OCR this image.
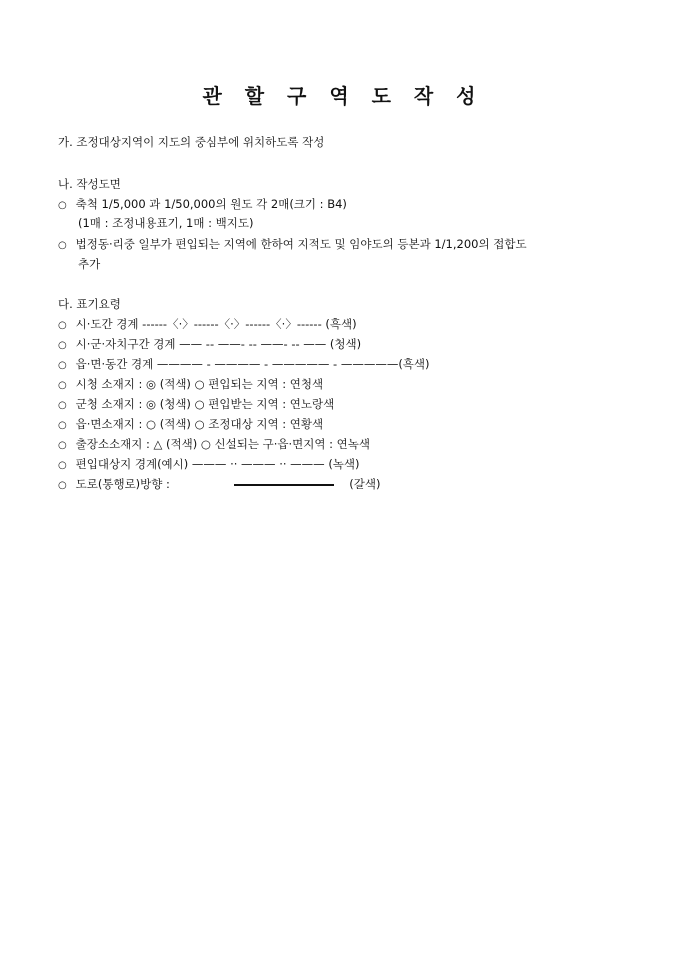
관 할 구 역 도 작 성
가. 조정대상지역이 지도의 중심부에 위치하도록 작성
나. 작성도면
○ 축척 1/5,000 과 1/50,000의 원도 각 2매(크기 : B4)
(1매 : 조정내용표기, 1매 : 백지도)
○ 법정동·리중 일부가 편입되는 지역에 한하여 지적도 및 임야도의 등본과 1/1,200의 접합도
추가
다. 표기요령
○ 시·도간 경계 ------〈·〉------〈·〉------〈·〉------ (흑색)
○ 시·군·자치구간 경계 —— -- ——- -- ——- -- —— (청색)
○ 읍·면·동간 경계 ———— - ———— - ————— - —————(흑색)
○ 시청 소재지 : ◎ (적색) ○ 편입되는 지역 : 연청색
○ 군청 소재지 : ◎ (청색) ○ 편입받는 지역 : 연노랑색
○ 읍·면소재지 : ○ (적색) ○ 조정대상 지역 : 연황색
○ 출장소소재지 : △ (적색) ○ 신설되는 구·읍·면지역 : 연녹색
○ 편입대상지 경계(예시) ——— ·· ——— ·· ——— (녹색)
○ 도로(통행로)방향 :	(갈색)
